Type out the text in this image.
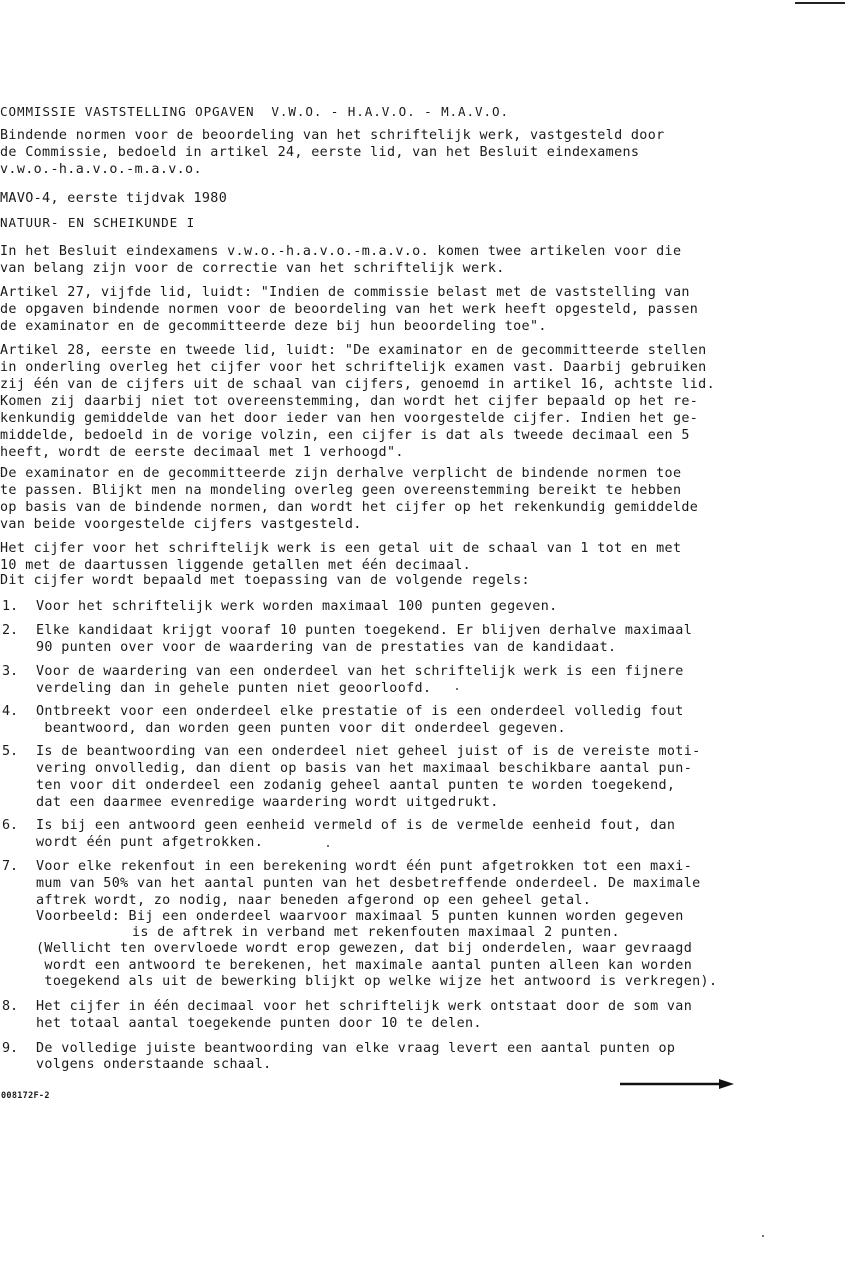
COMMISSIE VASTSTELLING OPGAVEN  V.W.O. - H.A.V.O. - M.A.V.O.
Bindende normen voor de beoordeling van het schriftelijk werk, vastgesteld door
de Commissie, bedoeld in artikel 24, eerste lid, van het Besluit eindexamens
v.w.o.-h.a.v.o.-m.a.v.o.
MAVO-4, eerste tijdvak 1980
NATUUR- EN SCHEIKUNDE I
In het Besluit eindexamens v.w.o.-h.a.v.o.-m.a.v.o. komen twee artikelen voor die
van belang zijn voor de correctie van het schriftelijk werk.
Artikel 27, vijfde lid, luidt: "Indien de commissie belast met de vaststelling van
de opgaven bindende normen voor de beoordeling van het werk heeft opgesteld, passen
de examinator en de gecommitteerde deze bij hun beoordeling toe".
Artikel 28, eerste en tweede lid, luidt: "De examinator en de gecommitteerde stellen
in onderling overleg het cijfer voor het schriftelijk examen vast. Daarbij gebruiken
zij één van de cijfers uit de schaal van cijfers, genoemd in artikel 16, achtste lid.
Komen zij daarbij niet tot overeenstemming, dan wordt het cijfer bepaald op het re-
kenkundig gemiddelde van het door ieder van hen voorgestelde cijfer. Indien het ge-
middelde, bedoeld in de vorige volzin, een cijfer is dat als tweede decimaal een 5
heeft, wordt de eerste decimaal met 1 verhoogd".
De examinator en de gecommitteerde zijn derhalve verplicht de bindende normen toe
te passen. Blijkt men na mondeling overleg geen overeenstemming bereikt te hebben
op basis van de bindende normen, dan wordt het cijfer op het rekenkundig gemiddelde
van beide voorgestelde cijfers vastgesteld.
Het cijfer voor het schriftelijk werk is een getal uit de schaal van 1 tot en met
10 met de daartussen liggende getallen met één decimaal.
Dit cijfer wordt bepaald met toepassing van de volgende regels:
1. Voor het schriftelijk werk worden maximaal 100 punten gegeven.
2. Elke kandidaat krijgt vooraf 10 punten toegekend. Er blijven derhalve maximaal
90 punten over voor de waardering van de prestaties van de kandidaat.
3. Voor de waardering van een onderdeel van het schriftelijk werk is een fijnere
verdeling dan in gehele punten niet geoorloofd.
4. Ontbreekt voor een onderdeel elke prestatie of is een onderdeel volledig fout
beantwoord, dan worden geen punten voor dit onderdeel gegeven.
5. Is de beantwoording van een onderdeel niet geheel juist of is de vereiste moti-
vering onvolledig, dan dient op basis van het maximaal beschikbare aantal pun-
ten voor dit onderdeel een zodanig geheel aantal punten te worden toegekend,
dat een daarmee evenredige waardering wordt uitgedrukt.
6. Is bij een antwoord geen eenheid vermeld of is de vermelde eenheid fout, dan
wordt één punt afgetrokken.
7. Voor elke rekenfout in een berekening wordt één punt afgetrokken tot een maxi-
mum van 50% van het aantal punten van het desbetreffende onderdeel. De maximale
aftrek wordt, zo nodig, naar beneden afgerond op een geheel getal.
Voorbeeld: Bij een onderdeel waarvoor maximaal 5 punten kunnen worden gegeven
is de aftrek in verband met rekenfouten maximaal 2 punten.
(Wellicht ten overvloede wordt erop gewezen, dat bij onderdelen, waar gevraagd
wordt een antwoord te berekenen, het maximale aantal punten alleen kan worden
toegekend als uit de bewerking blijkt op welke wijze het antwoord is verkregen).
8. Het cijfer in één decimaal voor het schriftelijk werk ontstaat door de som van
het totaal aantal toegekende punten door 10 te delen.
9. De volledige juiste beantwoording van elke vraag levert een aantal punten op
volgens onderstaande schaal.
008172F-2
